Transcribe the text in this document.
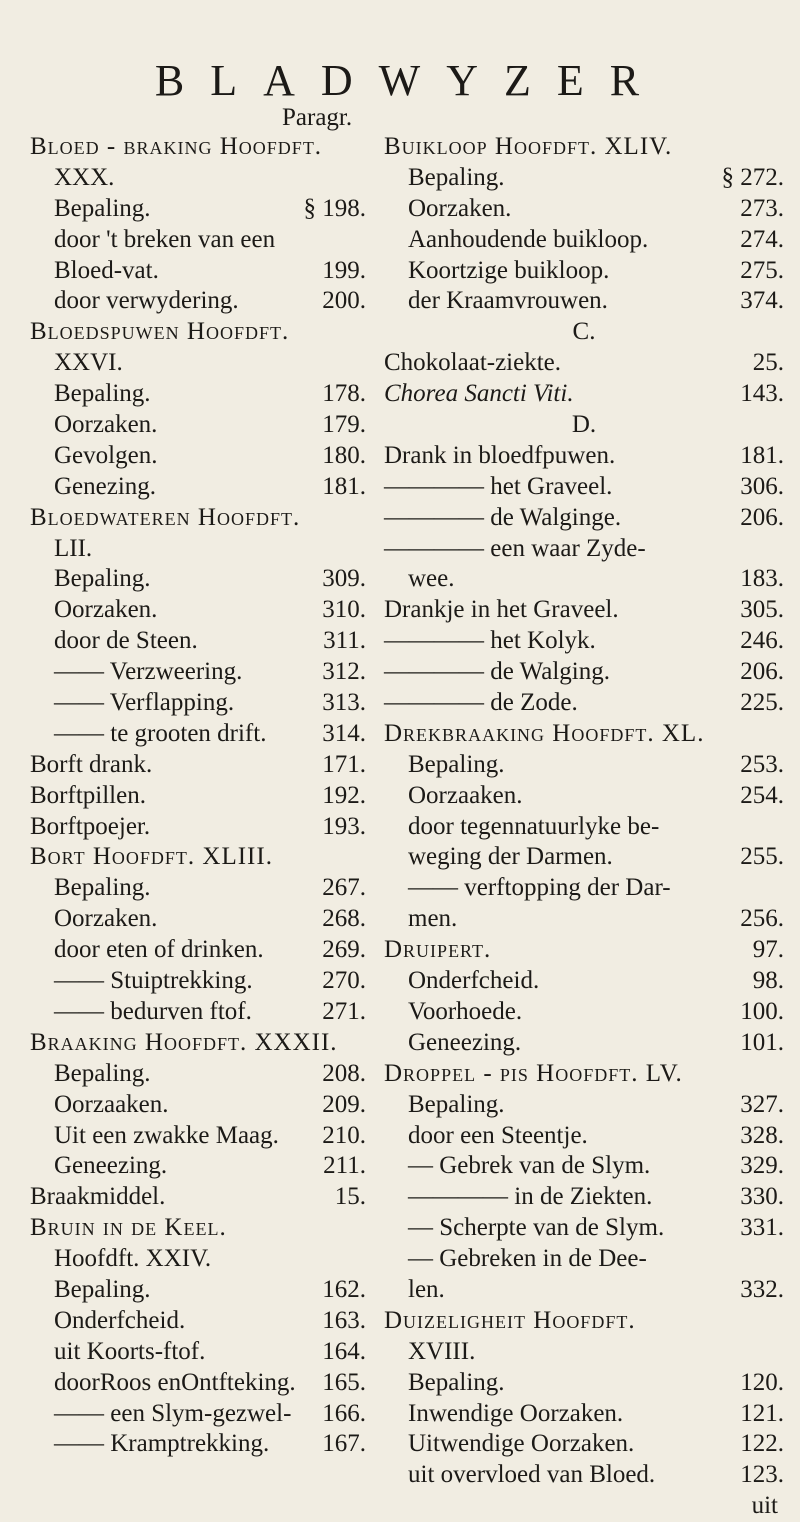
BLADWYZER
Paragr.
Bloed - braking Hoofdft.
XXX.
Bepaling.	§ 198.
door 't breken van een
Bloed-vat.	199.
door verwydering.	200.
Bloedspuwen Hoofdft.
XXVI.
Bepaling.	178.
Oorzaken.	179.
Gevolgen.	180.
Genezing.	181.
Bloedwateren Hoofdft.
LII.
Bepaling.	309.
Oorzaken.	310.
door de Steen.	311.
—— Verzweering.	312.
—— Verflapping.	313.
—— te grooten drift.	314.
Borft drank.	171.
Borftpillen.	192.
Borftpoejer.	193.
Bort Hoofdft. XLIII.
Bepaling.	267.
Oorzaken.	268.
door eten of drinken.	269.
—— Stuiptrekking.	270.
—— bedurven ftof.	271.
Braaking Hoofdft. XXXII.
Bepaling.	208.
Oorzaaken.	209.
Uit een zwakke Maag.	210.
Geneezing.	211.
Braakmiddel.	15.
Bruin in de Keel.
Hoofdft. XXIV.
Bepaling.	162.
Onderfcheid.	163.
uit Koorts-ftof.	164.
doorRoos enOntfteking.	165.
—— een Slym-gezwel-	166.
—— Kramptrekking.	167.
Buikloop Hoofdft. XLIV.
Bepaling.	§ 272.
Oorzaken.	273.
Aanhoudende buikloop.	274.
Koortzige buikloop.	275.
der Kraamvrouwen.	374.
C.
Chokolaat-ziekte.	25.
Chorea Sancti Viti.	143.
D.
Drank in bloedfpuwen.	181.
———— het Graveel.	306.
———— de Walginge.	206.
———— een waar Zyde-
wee.	183.
Drankje in het Graveel.	305.
———— het Kolyk.	246.
———— de Walging.	206.
———— de Zode.	225.
Drekbraaking Hoofdft. XL.
Bepaling.	253.
Oorzaaken.	254.
door tegennatuurlyke be-
weging der Darmen.	255.
—— verftopping der Dar-
men.	256.
Druipert.	97.
Onderfcheid.	98.
Voorhoede.	100.
Geneezing.	101.
Droppel - pis Hoofdft. LV.
Bepaling.	327.
door een Steentje.	328.
— Gebrek van de Slym.	329.
———— in de Ziekten.	330.
— Scherpte van de Slym.	331.
— Gebreken in de Dee-
len.	332.
Duizeligheit Hoofdft.
XVIII.
Bepaling.	120.
Inwendige Oorzaken.	121.
Uitwendige Oorzaken.	122.
uit overvloed van Bloed.	123.
uit
